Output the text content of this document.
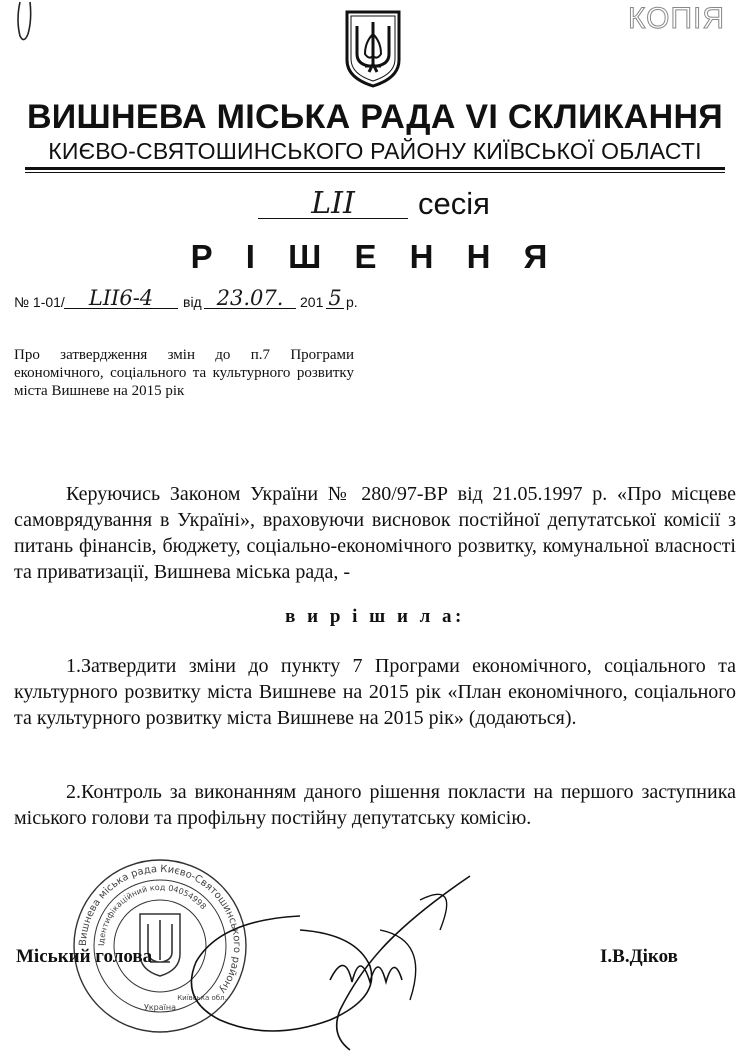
КОПІЯ
ВИШНЕВА МІСЬКА РАДА VI СКЛИКАННЯ
КИЄВО-СВЯТОШИНСЬКОГО РАЙОНУ КИЇВСЬКОЇ ОБЛАСТІ
LII	сесія
Р І Ш Е Н Н Я
№ 1-01/	LII6-4	від 23.07.	201 5 р.
Про затвердження змін до п.7 Програми економічного, соціального та культурного розвитку міста Вишневе на 2015 рік
Керуючись Законом України № 280/97-ВР від 21.05.1997 р. «Про місцеве самоврядування в Україні», враховуючи висновок постійної депутатської комісії з питань фінансів, бюджету, соціально-економічного розвитку, комунальної власності та приватизації, Вишнева міська рада, -
в и р і ш и л а:
1.Затвердити зміни до пункту 7 Програми економічного, соціального та культурного розвитку міста Вишневе на 2015 рік «План економічного, соціального та культурного розвитку міста Вишневе на 2015 рік» (додаються).
2.Контроль за виконанням даного рішення покласти на першого заступника міського голови та профільну постійну депутатську комісію.
Вишнева міська рада Києво-Святошинського району
Ідентифікаційний код 04054998
Україна
Київська обл.
Міський голова	І.В.Діков
